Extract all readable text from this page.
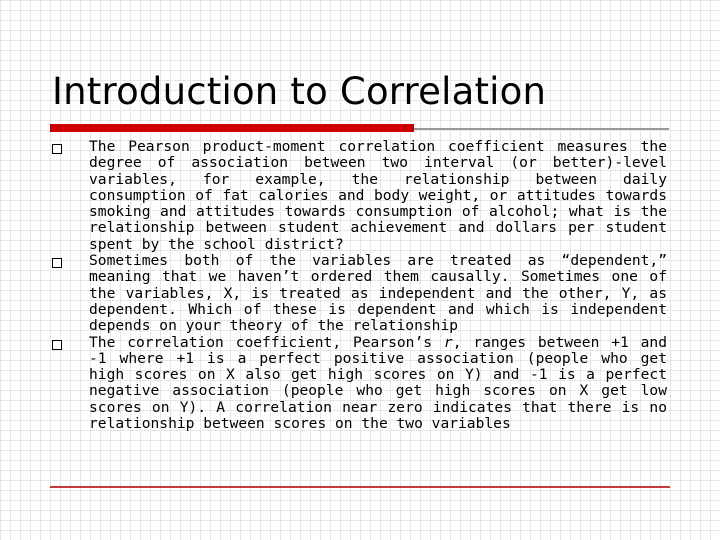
Introduction to Correlation
The Pearson product-moment correlation coefficient measures the degree of association between two interval (or better)-level variables, for example, the relationship between daily consumption of fat calories and body weight, or attitudes towards smoking and attitudes towards consumption of alcohol; what is the relationship between student achievement and dollars per student spent by the school district?
Sometimes both of the variables are treated as “dependent,” meaning that we haven’t ordered them causally. Sometimes one of the variables, X, is treated as independent and the other, Y, as dependent. Which of these is dependent and which is independent depends on your theory of the relationship
The correlation coefficient, Pearson’s r, ranges between +1 and -1 where +1 is a perfect positive association (people who get high scores on X also get high scores on Y) and -1 is a perfect negative association (people who get high scores on X get low scores on Y). A correlation near zero indicates that there is no relationship between scores on the two variables
